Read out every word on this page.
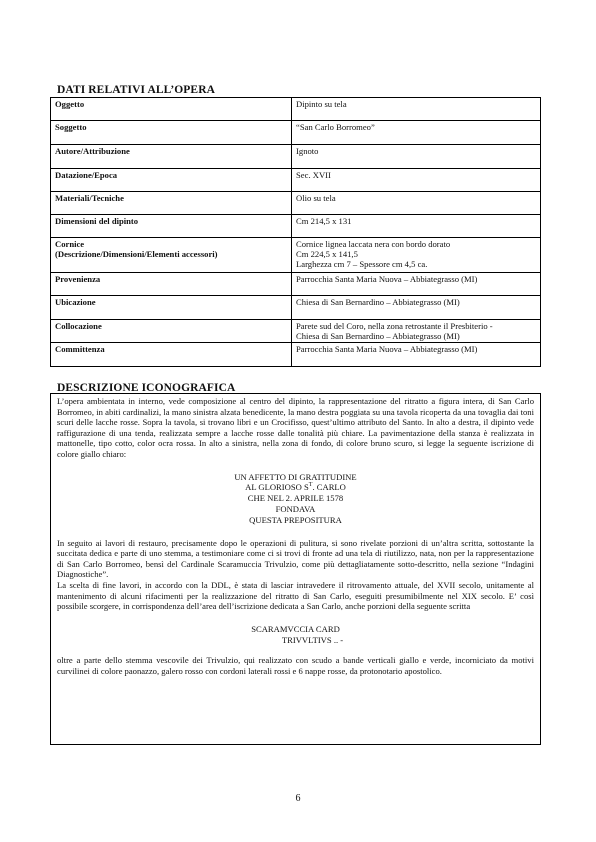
DATI RELATIVI ALL’OPERA
Oggetto	Dipinto su tela
Soggetto	“San Carlo Borromeo”
Autore/Attribuzione	Ignoto
Datazione/Epoca	Sec. XVII
Materiali/Tecniche	Olio su tela
Dimensioni del dipinto	Cm 214,5 x 131
Cornice
(Descrizione/Dimensioni/Elementi accessori)	Cornice lignea laccata nera con bordo dorato
Cm 224,5 x 141,5
Larghezza cm 7 – Spessore cm 4,5 ca.
Provenienza	Parrocchia Santa Maria Nuova – Abbiategrasso (MI)
Ubicazione	Chiesa di San Bernardino – Abbiategrasso (MI)
Collocazione	Parete sud del Coro, nella zona retrostante il Presbiterio -
Chiesa di San Bernardino – Abbiategrasso (MI)
Committenza	Parrocchia Santa Maria Nuova – Abbiategrasso (MI)
DESCRIZIONE ICONOGRAFICA

L’opera ambientata in interno, vede composizione al centro del dipinto, la rappresentazione del ritratto a figura intera, di San Carlo Borromeo, in abiti cardinalizi, la mano sinistra alzata benedicente, la mano destra poggiata su una tavola ricoperta da una tovaglia dai toni scuri delle lacche rosse. Sopra la tavola, si trovano libri e un Crocifisso, quest’ultimo attributo del Santo. In alto a destra, il dipinto vede raffigurazione di una tenda, realizzata sempre a lacche rosse dalle tonalità più chiare. La pavimentazione della stanza è realizzata in mattonelle, tipo cotto, color ocra rossa. In alto a sinistra, nella zona di fondo, di colore bruno scuro, si legge la seguente iscrizione di colore giallo chiaro:

UN AFFETTO DI GRATITUDINE
AL GLORIOSO $S^T$. CARLO
CHE NEL 2. APRILE 1578
FONDAVA
QUESTA PREPOSITURA

In seguito ai lavori di restauro, precisamente dopo le operazioni di pulitura, si sono rivelate porzioni di un’altra scritta, sottostante la succitata dedica e parte di uno stemma, a testimoniare come ci si trovi di fronte ad una tela di riutilizzo, nata, non per la rappresentazione di San Carlo Borromeo, bensì del Cardinale Scaramuccia Trivulzio, come più dettagliatamente sotto-descritto, nella sezione “Indagini Diagnostiche”.

La scelta di fine lavori, in accordo con la DDL, è stata di lasciar intravedere il ritrovamento attuale, del XVII secolo, unitamente al mantenimento di alcuni rifacimenti per la realizzazione del ritratto di San Carlo, eseguiti presumibilmente nel XIX secolo. E’ così possibile scorgere, in corrispondenza dell’area dell’iscrizione dedicata a San Carlo, anche porzioni della seguente scritta

SCARAMVCCIA CARD
TRIVVLTIVS .. -

oltre a parte dello stemma vescovile dei Trivulzio, qui realizzato con scudo a bande verticali giallo e verde, incorniciato da motivi curvilinei di colore paonazzo, galero rosso con cordoni laterali rossi e 6 nappe rosse, da protonotario apostolico.

6
